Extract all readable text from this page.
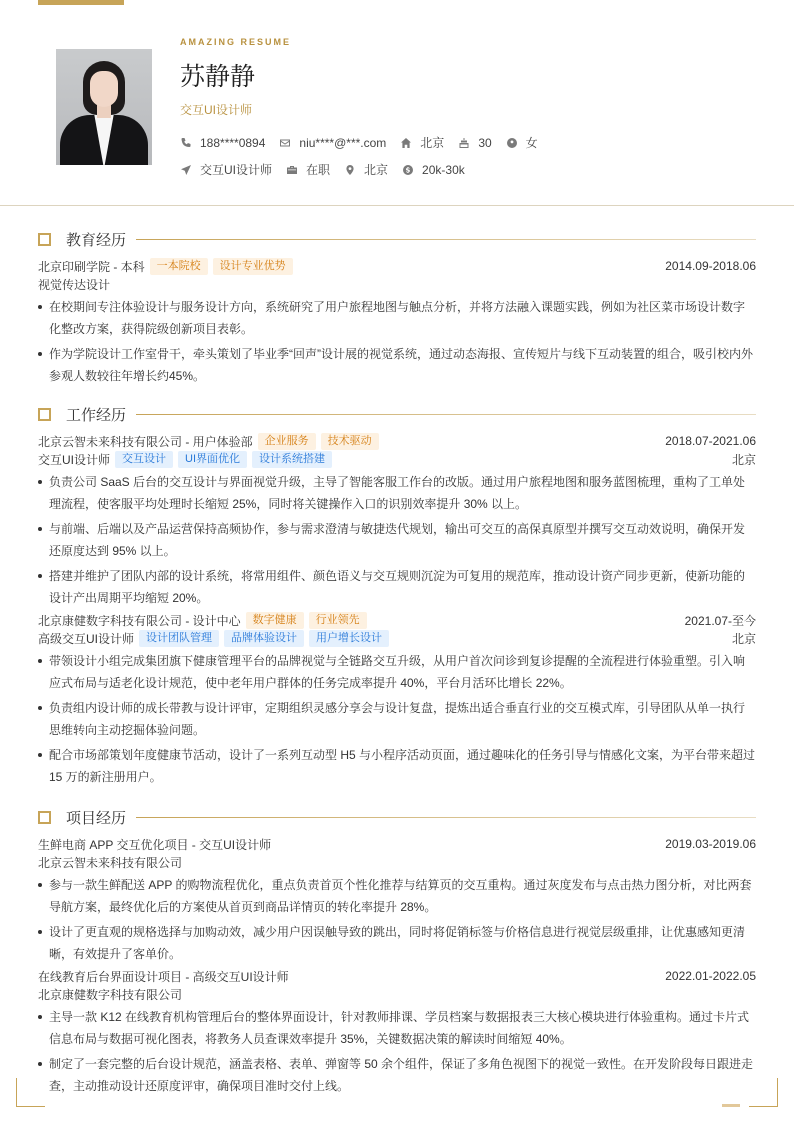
AMAZING RESUME
苏静静
交互UI设计师
188****0894	niu****@***.com	北京	30	女
交互UI设计师	在职	北京	20k-30k
教育经历
北京印刷学院 - 本科	一本院校	设计专业优势	2014.09-2018.06
视觉传达设计
在校期间专注体验设计与服务设计方向，系统研究了用户旅程地图与触点分析，并将方法融入课题实践，例如为社区菜市场设计数字化整改方案，获得院级创新项目表彰。
作为学院设计工作室骨干，牵头策划了毕业季“回声”设计展的视觉系统，通过动态海报、宣传短片与线下互动装置的组合，吸引校内外参观人数较往年增长约45%。
工作经历
北京云智未来科技有限公司 - 用户体验部	企业服务	技术驱动	2018.07-2021.06
交互UI设计师	交互设计	UI界面优化	设计系统搭建	北京
负责公司 SaaS 后台的交互设计与界面视觉升级，主导了智能客服工作台的改版。通过用户旅程地图和服务蓝图梳理，重构了工单处理流程，使客服平均处理时长缩短 25%，同时将关键操作入口的识别效率提升 30% 以上。
与前端、后端以及产品运营保持高频协作，参与需求澄清与敏捷迭代规划，输出可交互的高保真原型并撰写交互动效说明，确保开发还原度达到 95% 以上。
搭建并维护了团队内部的设计系统，将常用组件、颜色语义与交互规则沉淀为可复用的规范库，推动设计资产同步更新，使新功能的设计产出周期平均缩短 20%。
北京康健数字科技有限公司 - 设计中心	数字健康	行业领先	2021.07-至今
高级交互UI设计师	设计团队管理	品牌体验设计	用户增长设计	北京
带领设计小组完成集团旗下健康管理平台的品牌视觉与全链路交互升级，从用户首次问诊到复诊提醒的全流程进行体验重塑。引入响应式布局与适老化设计规范，使中老年用户群体的任务完成率提升 40%，平台月活环比增长 22%。
负责组内设计师的成长带教与设计评审，定期组织灵感分享会与设计复盘，提炼出适合垂直行业的交互模式库，引导团队从单一执行思维转向主动挖掘体验问题。
配合市场部策划年度健康节活动，设计了一系列互动型 H5 与小程序活动页面，通过趣味化的任务引导与情感化文案，为平台带来超过 15 万的新注册用户。
项目经历
生鲜电商 APP 交互优化项目 - 交互UI设计师	2019.03-2019.06
北京云智未来科技有限公司
参与一款生鲜配送 APP 的购物流程优化，重点负责首页个性化推荐与结算页的交互重构。通过灰度发布与点击热力图分析，对比两套导航方案，最终优化后的方案使从首页到商品详情页的转化率提升 28%。
设计了更直观的规格选择与加购动效，减少用户因误触导致的跳出，同时将促销标签与价格信息进行视觉层级重排，让优惠感知更清晰，有效提升了客单价。
在线教育后台界面设计项目 - 高级交互UI设计师	2022.01-2022.05
北京康健数字科技有限公司
主导一款 K12 在线教育机构管理后台的整体界面设计，针对教师排课、学员档案与数据报表三大核心模块进行体验重构。通过卡片式信息布局与数据可视化图表，将教务人员查课效率提升 35%，关键数据决策的解读时间缩短 40%。
制定了一套完整的后台设计规范，涵盖表格、表单、弹窗等 50 余个组件，保证了多角色视图下的视觉一致性。在开发阶段每日跟进走查，主动推动设计还原度评审，确保项目准时交付上线。
